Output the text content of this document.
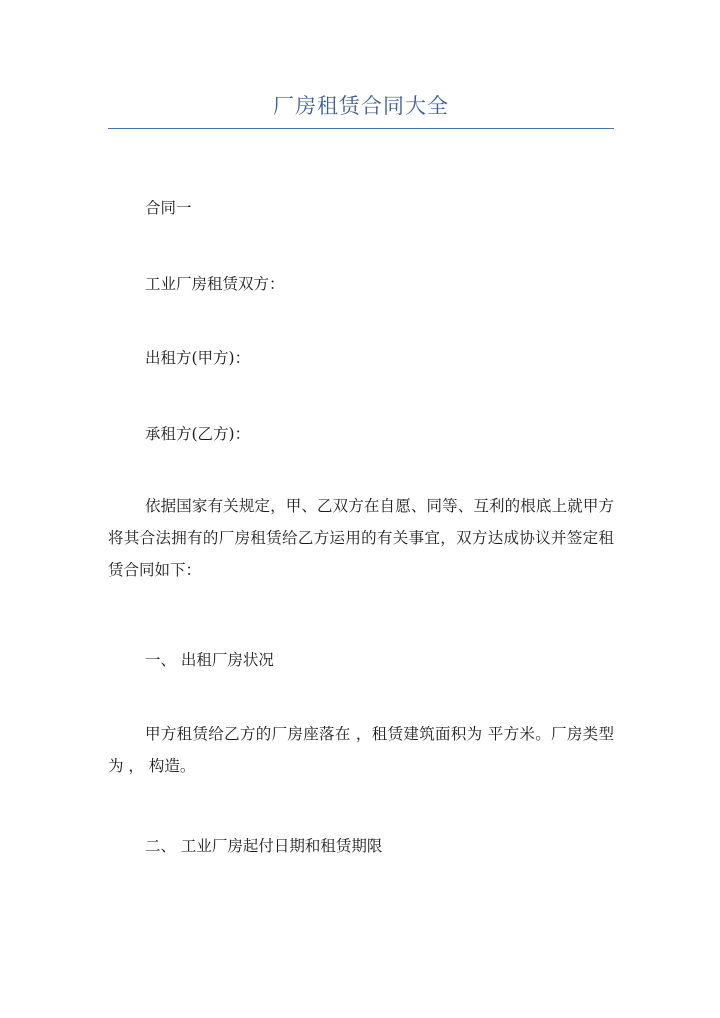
厂房租赁合同大全

合同一

工业厂房租赁双方：

出租方(甲方)：

承租方(乙方)：

依据国家有关规定，甲、乙双方在自愿、同等、互利的根底上就甲方将其合法拥有的厂房租赁给乙方运用的有关事宜，双方达成协议并签定租赁合同如下：

一、 出租厂房状况

甲方租赁给乙方的厂房座落在 ，租赁建筑面积为 平方米。厂房类型为 ， 构造。

二、 工业厂房起付日期和租赁期限
